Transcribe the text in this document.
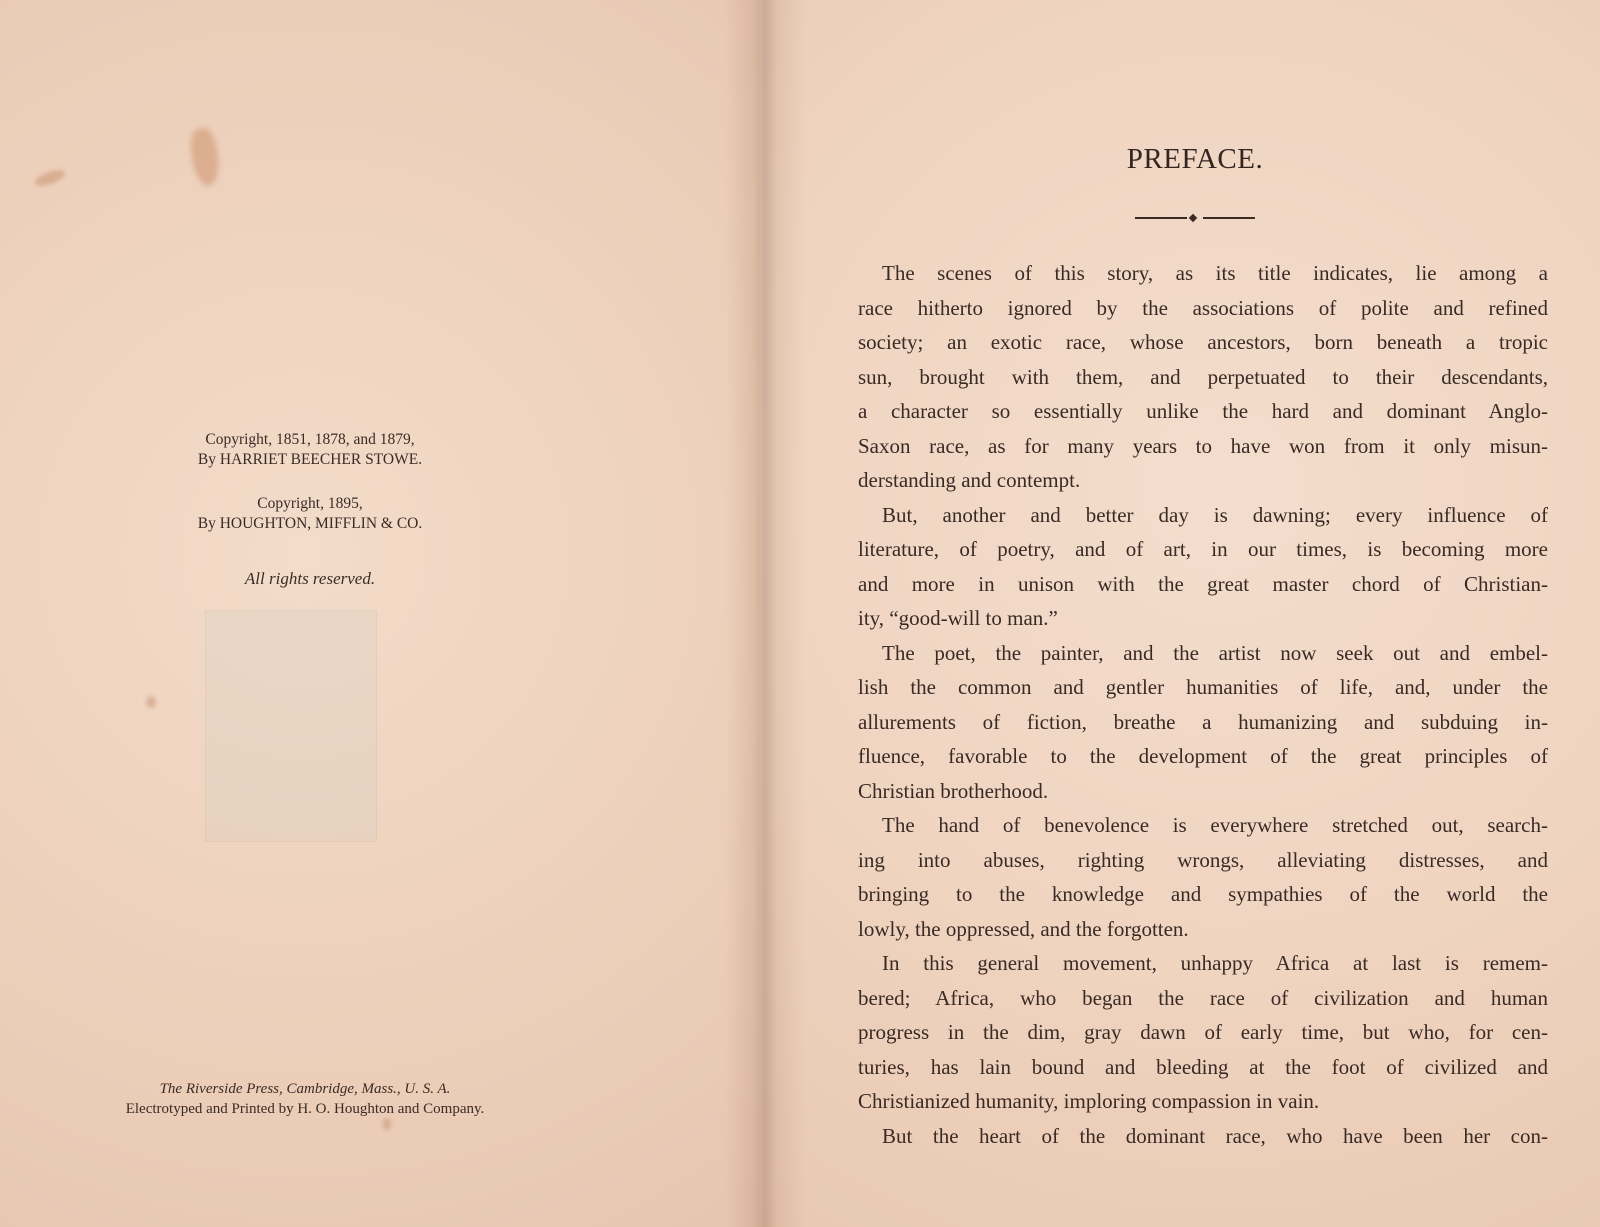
Copyright, 1851, 1878, and 1879,
By HARRIET BEECHER STOWE.
Copyright, 1895,
By HOUGHTON, MIFFLIN & CO.
All rights reserved.
The Riverside Press, Cambridge, Mass., U. S. A.
Electrotyped and Printed by H. O. Houghton and Company.
PREFACE.
The scenes of this story, as its title indicates, lie among a
race hitherto ignored by the associations of polite and refined
society; an exotic race, whose ancestors, born beneath a tropic
sun, brought with them, and perpetuated to their descendants,
a character so essentially unlike the hard and dominant Anglo-
Saxon race, as for many years to have won from it only misun-
derstanding and contempt.
But, another and better day is dawning; every influence of
literature, of poetry, and of art, in our times, is becoming more
and more in unison with the great master chord of Christian-
ity, “good-will to man.”
The poet, the painter, and the artist now seek out and embel-
lish the common and gentler humanities of life, and, under the
allurements of fiction, breathe a humanizing and subduing in-
fluence, favorable to the development of the great principles of
Christian brotherhood.
The hand of benevolence is everywhere stretched out, search-
ing into abuses, righting wrongs, alleviating distresses, and
bringing to the knowledge and sympathies of the world the
lowly, the oppressed, and the forgotten.
In this general movement, unhappy Africa at last is remem-
bered; Africa, who began the race of civilization and human
progress in the dim, gray dawn of early time, but who, for cen-
turies, has lain bound and bleeding at the foot of civilized and
Christianized humanity, imploring compassion in vain.
But the heart of the dominant race, who have been her con-
